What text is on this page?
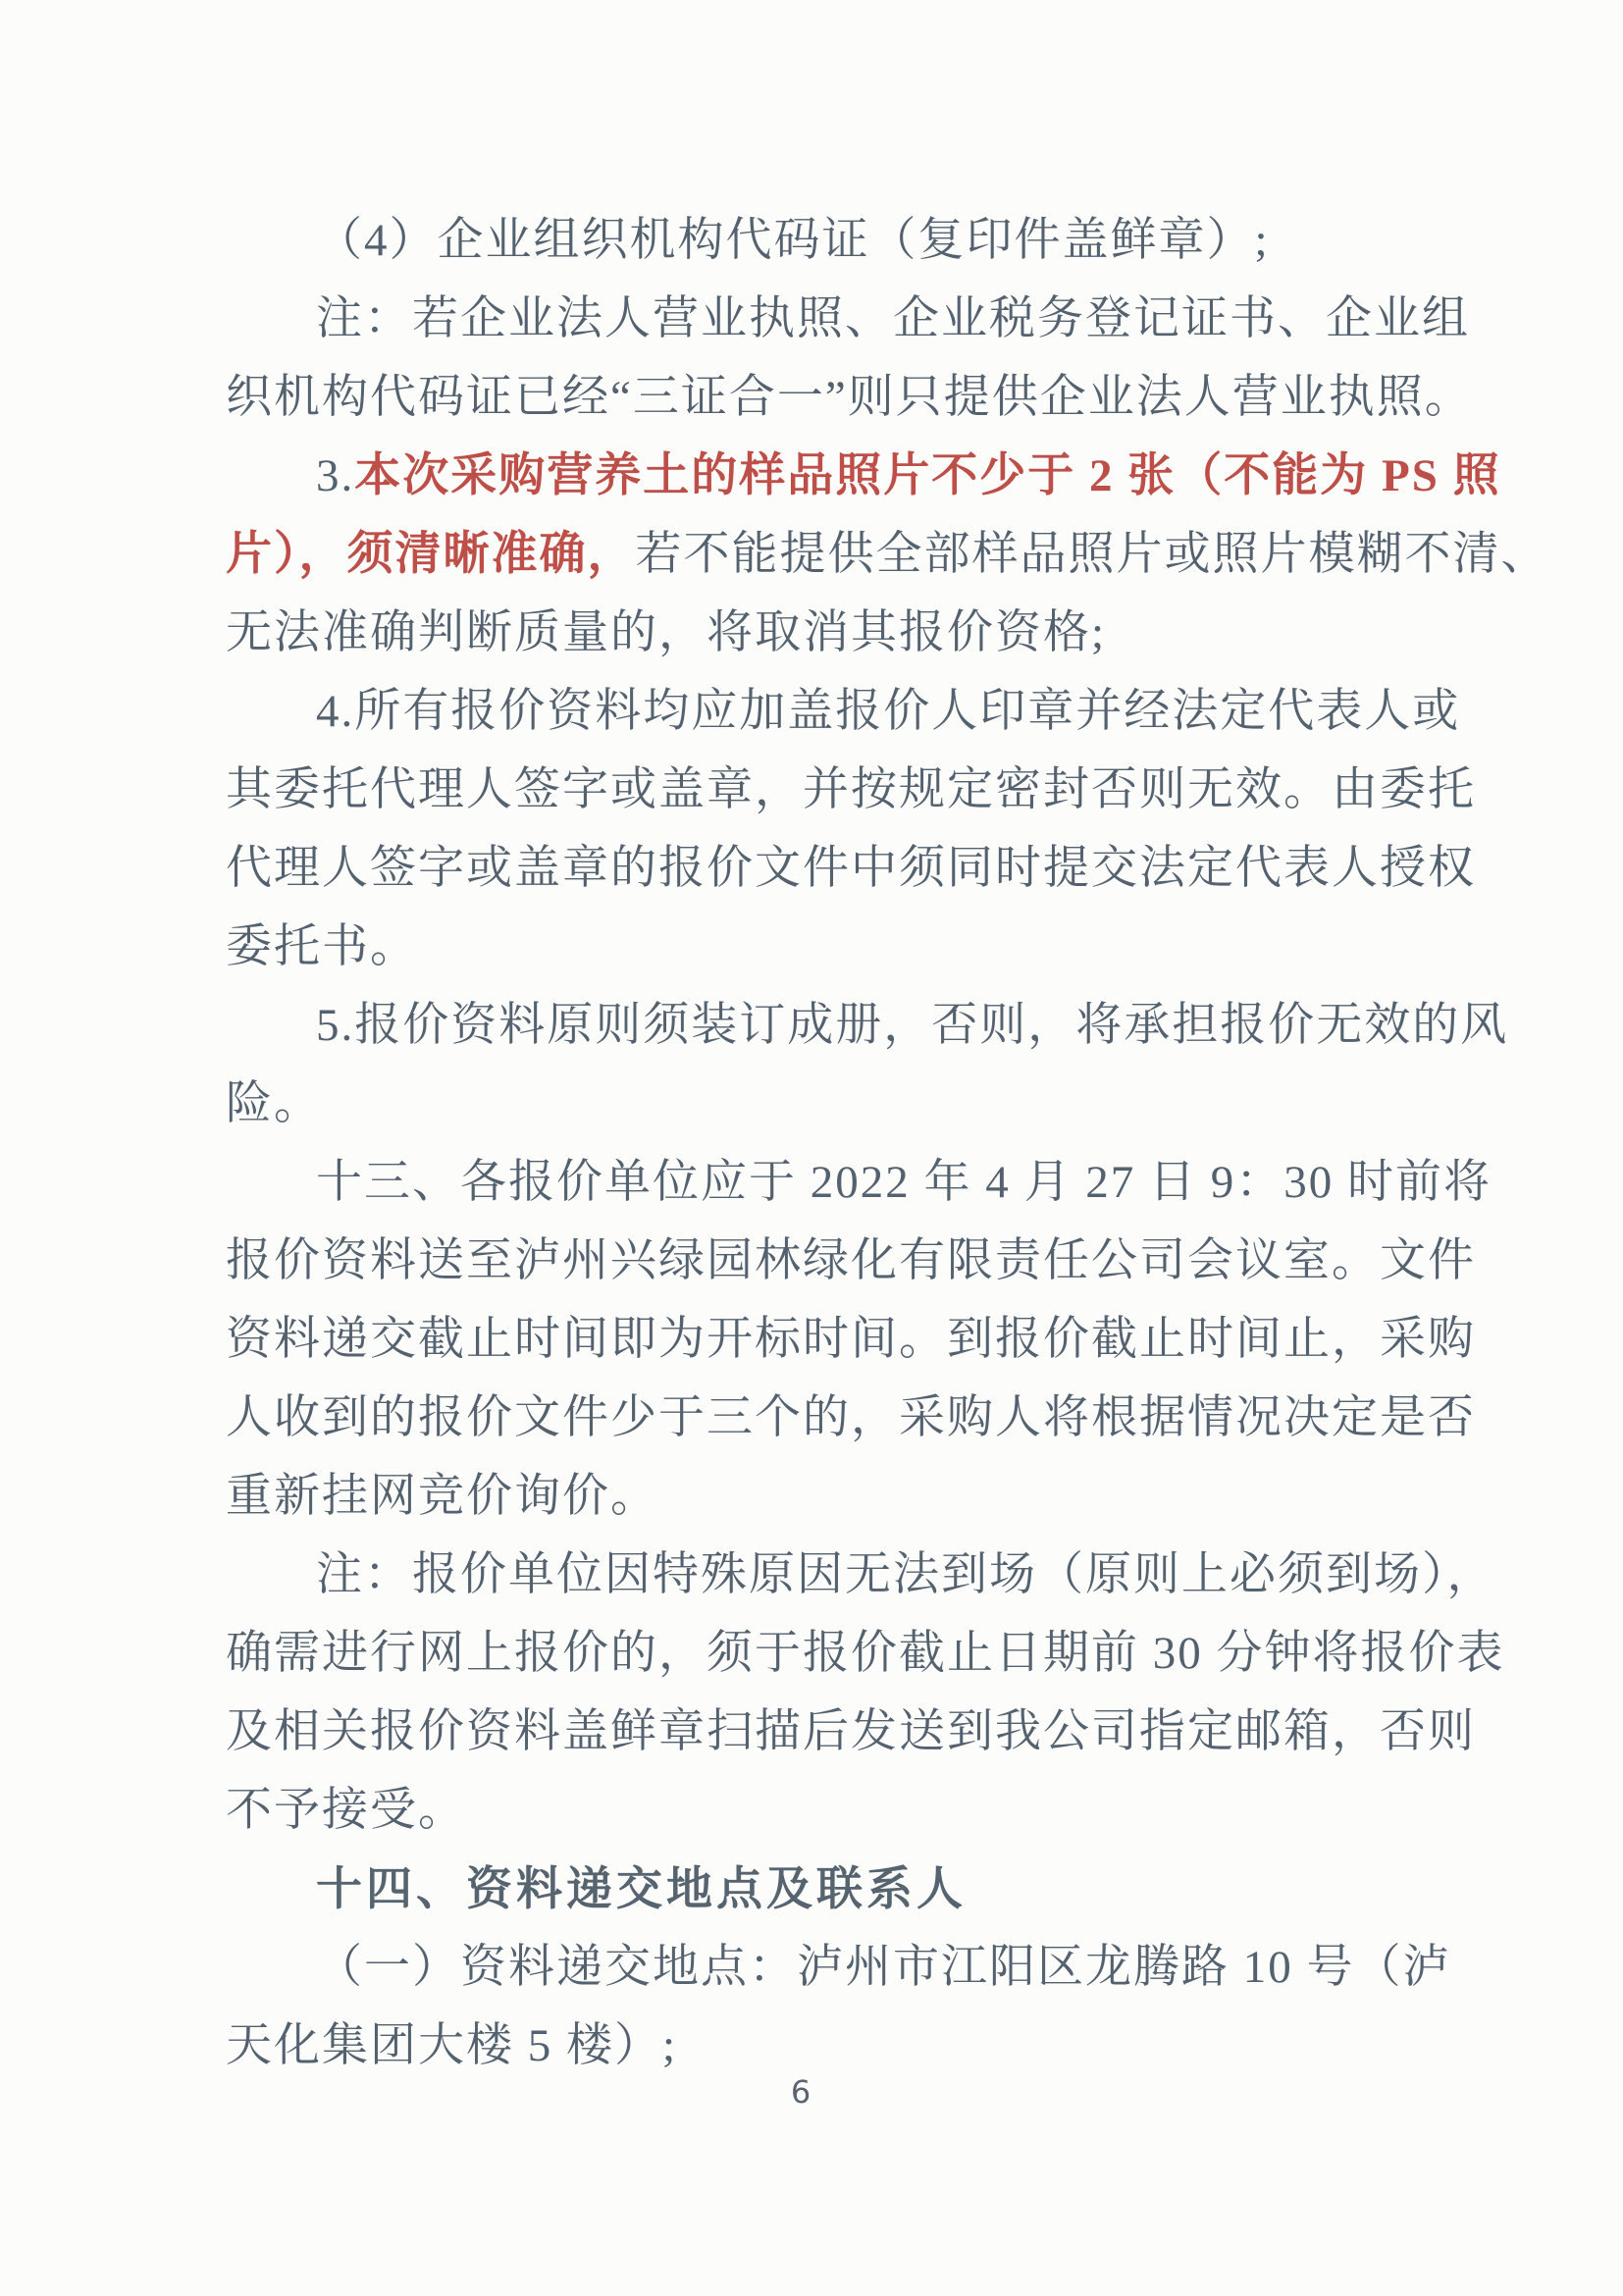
（4）企业组织机构代码证（复印件盖鲜章）;
注：若企业法人营业执照、企业税务登记证书、企业组
织机构代码证已经“三证合一”则只提供企业法人营业执照。
3.本次采购营养土的样品照片不少于 2 张（不能为 PS 照
片），须清晰准确，若不能提供全部样品照片或照片模糊不清、
无法准确判断质量的，将取消其报价资格;
4.所有报价资料均应加盖报价人印章并经法定代表人或
其委托代理人签字或盖章，并按规定密封否则无效。由委托
代理人签字或盖章的报价文件中须同时提交法定代表人授权
委托书。
5.报价资料原则须装订成册，否则，将承担报价无效的风
险。
十三、各报价单位应于 2022 年 4 月 27 日 9：30 时前将
报价资料送至泸州兴绿园林绿化有限责任公司会议室。文件
资料递交截止时间即为开标时间。到报价截止时间止，采购
人收到的报价文件少于三个的，采购人将根据情况决定是否
重新挂网竞价询价。
注：报价单位因特殊原因无法到场（原则上必须到场），
确需进行网上报价的，须于报价截止日期前 30 分钟将报价表
及相关报价资料盖鲜章扫描后发送到我公司指定邮箱，否则
不予接受。
十四、资料递交地点及联系人
（一）资料递交地点：泸州市江阳区龙腾路 10 号（泸
天化集团大楼 5 楼）;
6
